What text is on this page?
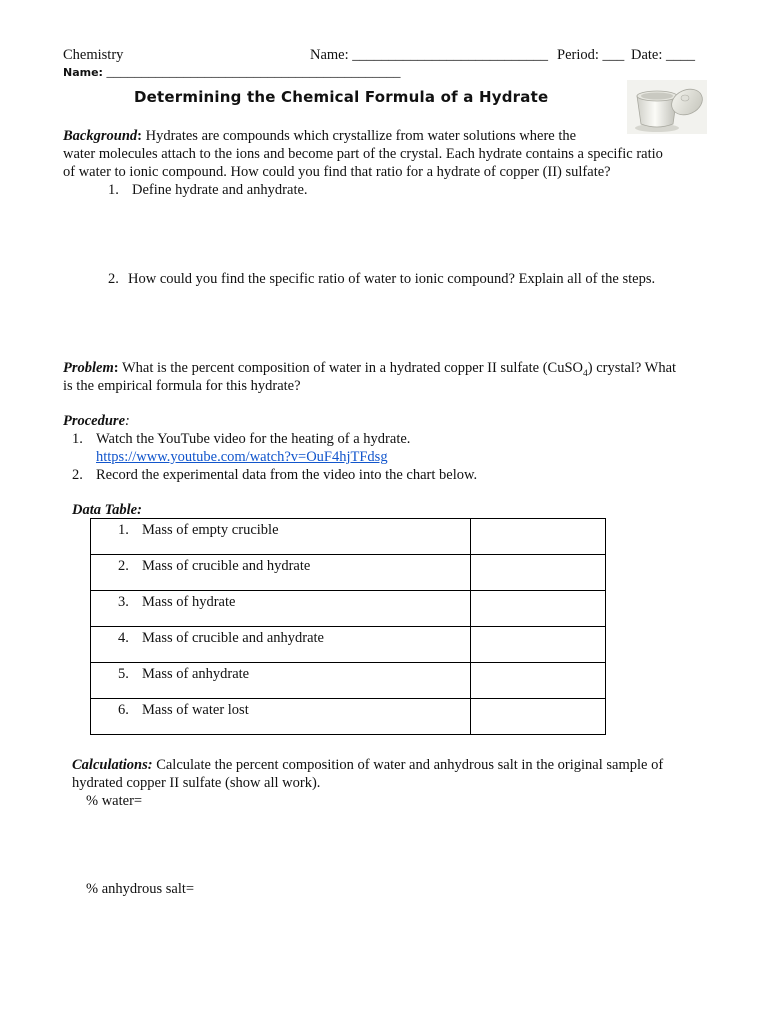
Chemistry	Name: ___________________________ Period: ___ Date: ____
Name: __________________________________________
Determining the Chemical Formula of a Hydrate
Background: Hydrates are compounds which crystallize from water solutions where the
water molecules attach to the ions and become part of the crystal. Each hydrate contains a specific ratio
of water to ionic compound. How could you find that ratio for a hydrate of copper (II) sulfate?
1. Define hydrate and anhydrate.
2. How could you find the specific ratio of water to ionic compound? Explain all of the steps.
Problem: What is the percent composition of water in a hydrated copper II sulfate (CuSO$_4$) crystal? What
is the empirical formula for this hydrate?
Procedure:
1. Watch the YouTube video for the heating of a hydrate.
https://www.youtube.com/watch?v=OuF4hjTFdsg
2. Record the experimental data from the video into the chart below.
Data Table:
1. Mass of empty crucible	

2. Mass of crucible and hydrate	

3. Mass of hydrate	

4. Mass of crucible and anhydrate	

5. Mass of anhydrate	

6. Mass of water lost	

Calculations: Calculate the percent composition of water and anhydrous salt in the original sample of
hydrated copper II sulfate (show all work).
% water=
% anhydrous salt=
